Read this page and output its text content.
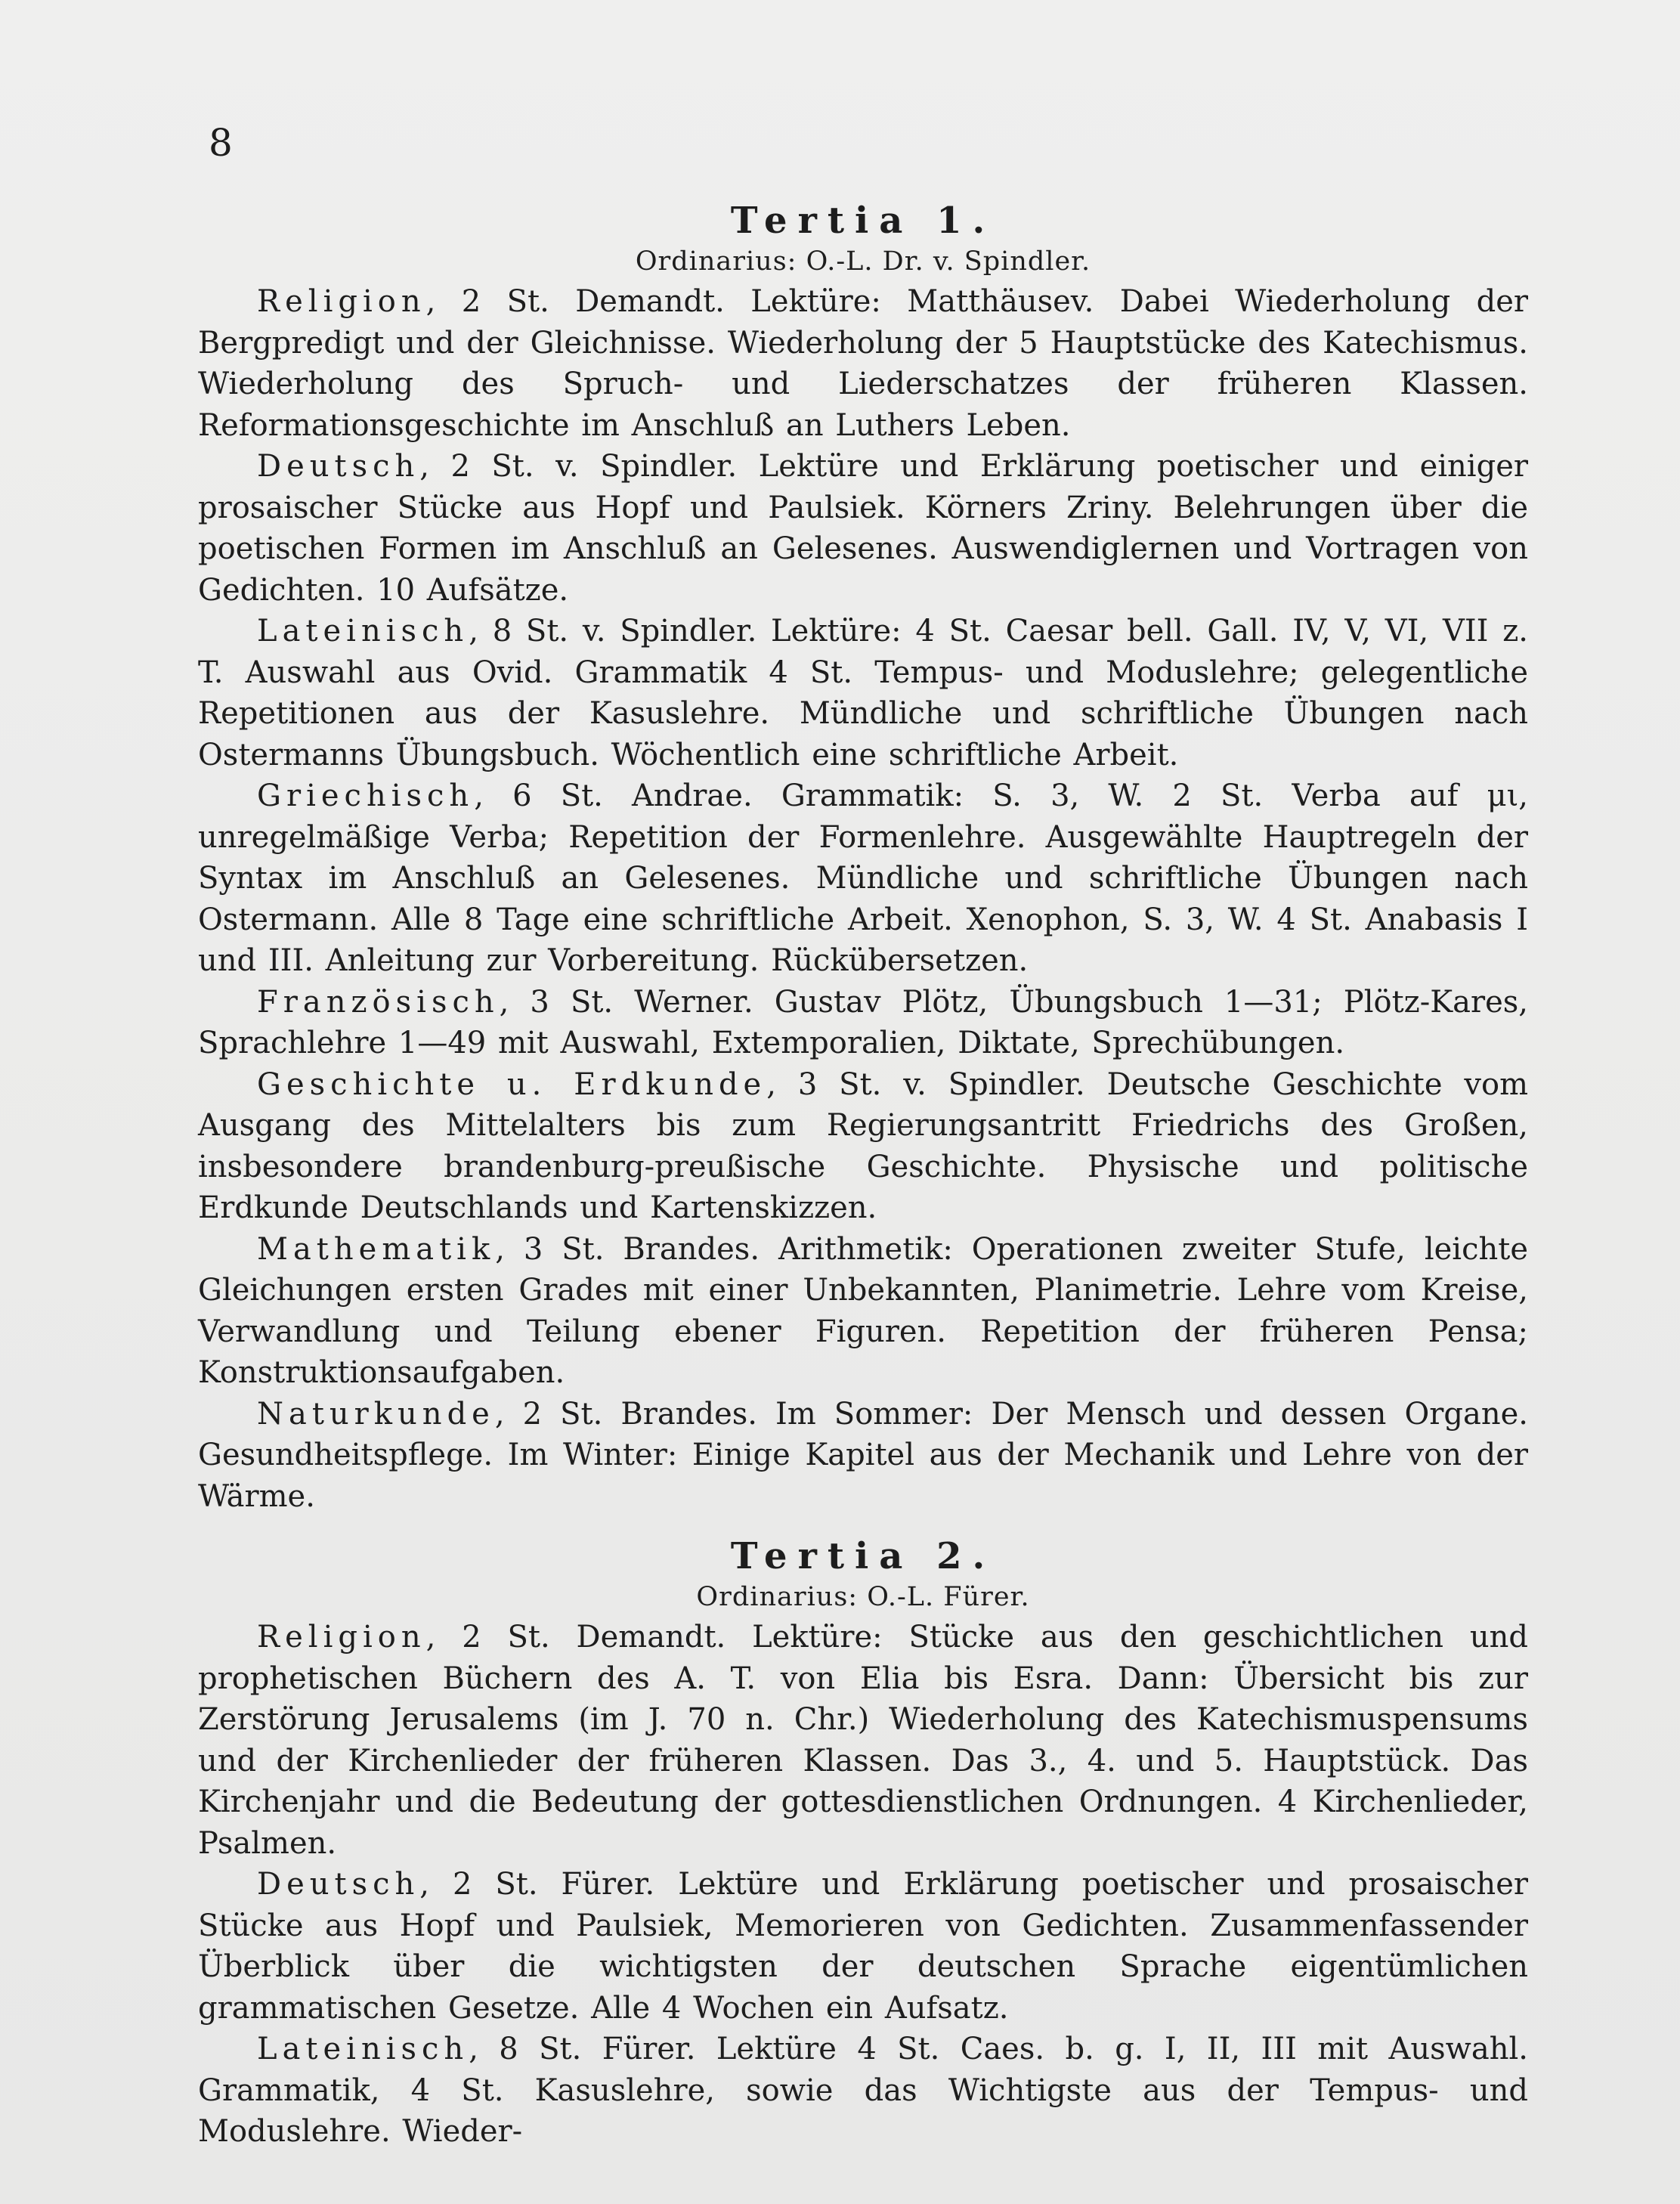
8
Tertia 1.
Ordinarius: O.-L. Dr. v. Spindler.

Religion, 2 St. Demandt. Lektüre: Matthäusev. Dabei Wiederholung der Bergpredigt und der Gleichnisse. Wiederholung der 5 Hauptstücke des Katechismus. Wiederholung des Spruch- und Liederschatzes der früheren Klassen. Reformationsgeschichte im Anschluß an Luthers Leben.

Deutsch, 2 St. v. Spindler. Lektüre und Erklärung poetischer und einiger prosaischer Stücke aus Hopf und Paulsiek. Körners Zriny. Belehrungen über die poetischen Formen im Anschluß an Gelesenes. Auswendiglernen und Vortragen von Gedichten. 10 Aufsätze.

Lateinisch, 8 St. v. Spindler. Lektüre: 4 St. Caesar bell. Gall. IV, V, VI, VII z. T. Auswahl aus Ovid. Grammatik 4 St. Tempus- und Moduslehre; gelegentliche Repetitionen aus der Kasuslehre. Mündliche und schriftliche Übungen nach Ostermanns Übungsbuch. Wöchentlich eine schriftliche Arbeit.

Griechisch, 6 St. Andrae. Grammatik: S. 3, W. 2 St. Verba auf μι, unregelmäßige Verba; Repetition der Formenlehre. Ausgewählte Hauptregeln der Syntax im Anschluß an Gelesenes. Mündliche und schriftliche Übungen nach Ostermann. Alle 8 Tage eine schriftliche Arbeit. Xenophon, S. 3, W. 4 St. Anabasis I und III. Anleitung zur Vorbereitung. Rückübersetzen.

Französisch, 3 St. Werner. Gustav Plötz, Übungsbuch 1—31; Plötz-Kares, Sprachlehre 1—49 mit Auswahl, Extemporalien, Diktate, Sprechübungen.

Geschichte u. Erdkunde, 3 St. v. Spindler. Deutsche Geschichte vom Ausgang des Mittelalters bis zum Regierungsantritt Friedrichs des Großen, insbesondere brandenburg-preußische Geschichte. Physische und politische Erdkunde Deutschlands und Kartenskizzen.

Mathematik, 3 St. Brandes. Arithmetik: Operationen zweiter Stufe, leichte Gleichungen ersten Grades mit einer Unbekannten, Planimetrie. Lehre vom Kreise, Verwandlung und Teilung ebener Figuren. Repetition der früheren Pensa; Konstruktionsaufgaben.

Naturkunde, 2 St. Brandes. Im Sommer: Der Mensch und dessen Organe. Gesundheitspflege. Im Winter: Einige Kapitel aus der Mechanik und Lehre von der Wärme.

Tertia 2.
Ordinarius: O.-L. Fürer.

Religion, 2 St. Demandt. Lektüre: Stücke aus den geschichtlichen und prophetischen Büchern des A. T. von Elia bis Esra. Dann: Übersicht bis zur Zerstörung Jerusalems (im J. 70 n. Chr.) Wiederholung des Katechismuspensums und der Kirchenlieder der früheren Klassen. Das 3., 4. und 5. Hauptstück. Das Kirchenjahr und die Bedeutung der gottesdienstlichen Ordnungen. 4 Kirchenlieder, Psalmen.

Deutsch, 2 St. Fürer. Lektüre und Erklärung poetischer und prosaischer Stücke aus Hopf und Paulsiek, Memorieren von Gedichten. Zusammenfassender Überblick über die wichtigsten der deutschen Sprache eigentümlichen grammatischen Gesetze. Alle 4 Wochen ein Aufsatz.

Lateinisch, 8 St. Fürer. Lektüre 4 St. Caes. b. g. I, II, III mit Auswahl. Grammatik, 4 St. Kasuslehre, sowie das Wichtigste aus der Tempus- und Moduslehre. Wieder-
